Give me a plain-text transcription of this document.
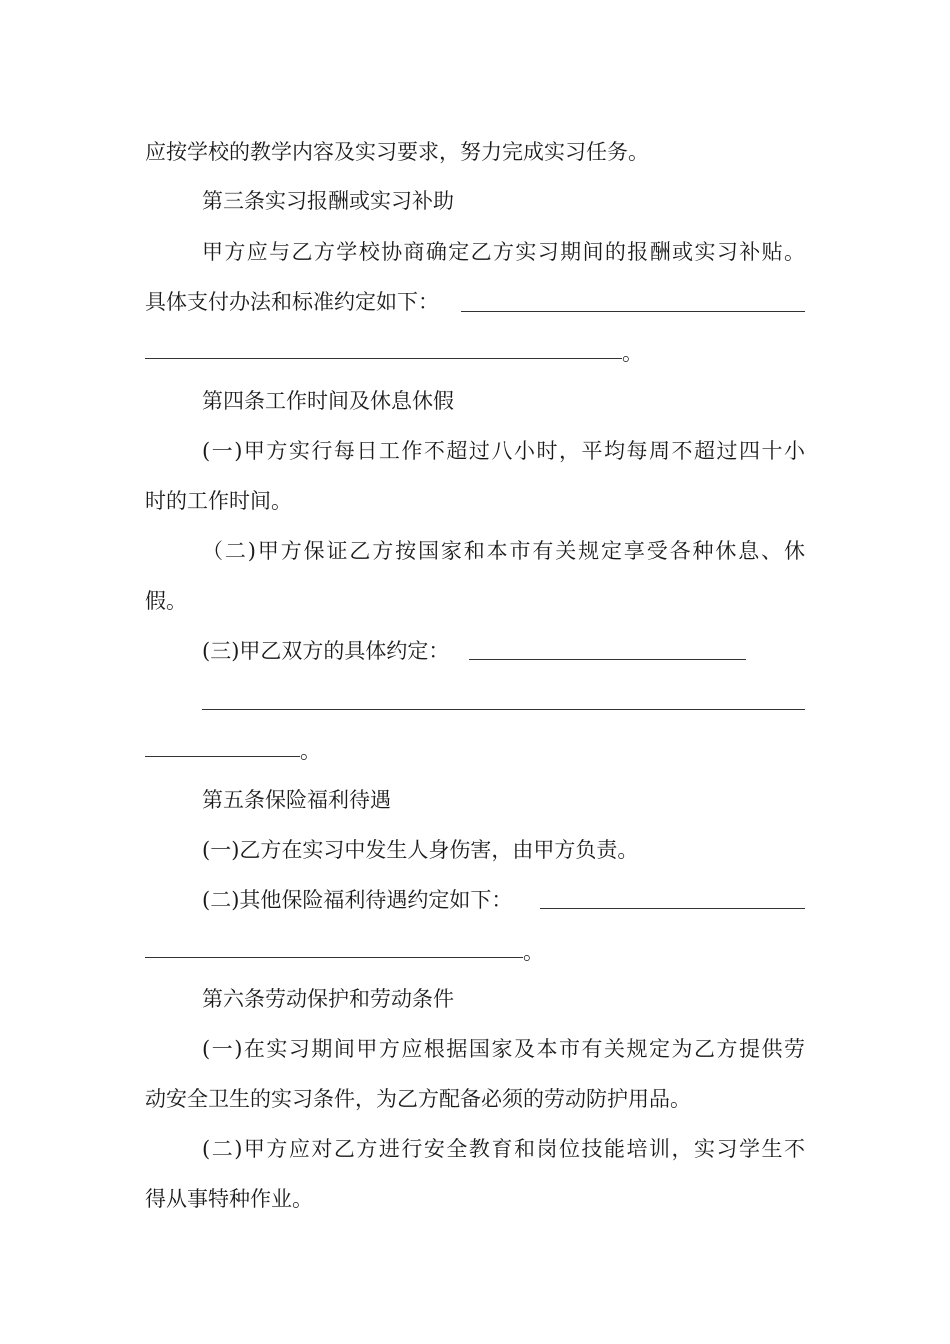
应按学校的教学内容及实习要求，努力完成实习任务。
第三条实习报酬或实习补助
甲方应与乙方学校协商确定乙方实习期间的报酬或实习补贴。
具体支付办法和标准约定如下：
。
第四条工作时间及休息休假
(一)甲方实行每日工作不超过八小时，平均每周不超过四十小
时的工作时间。
（二)甲方保证乙方按国家和本市有关规定享受各种休息、休
假。
(三)甲乙双方的具体约定：
。
第五条保险福利待遇
(一)乙方在实习中发生人身伤害，由甲方负责。
(二)其他保险福利待遇约定如下：
。
第六条劳动保护和劳动条件
(一)在实习期间甲方应根据国家及本市有关规定为乙方提供劳
动安全卫生的实习条件，为乙方配备必须的劳动防护用品。
(二)甲方应对乙方进行安全教育和岗位技能培训，实习学生不
得从事特种作业。
